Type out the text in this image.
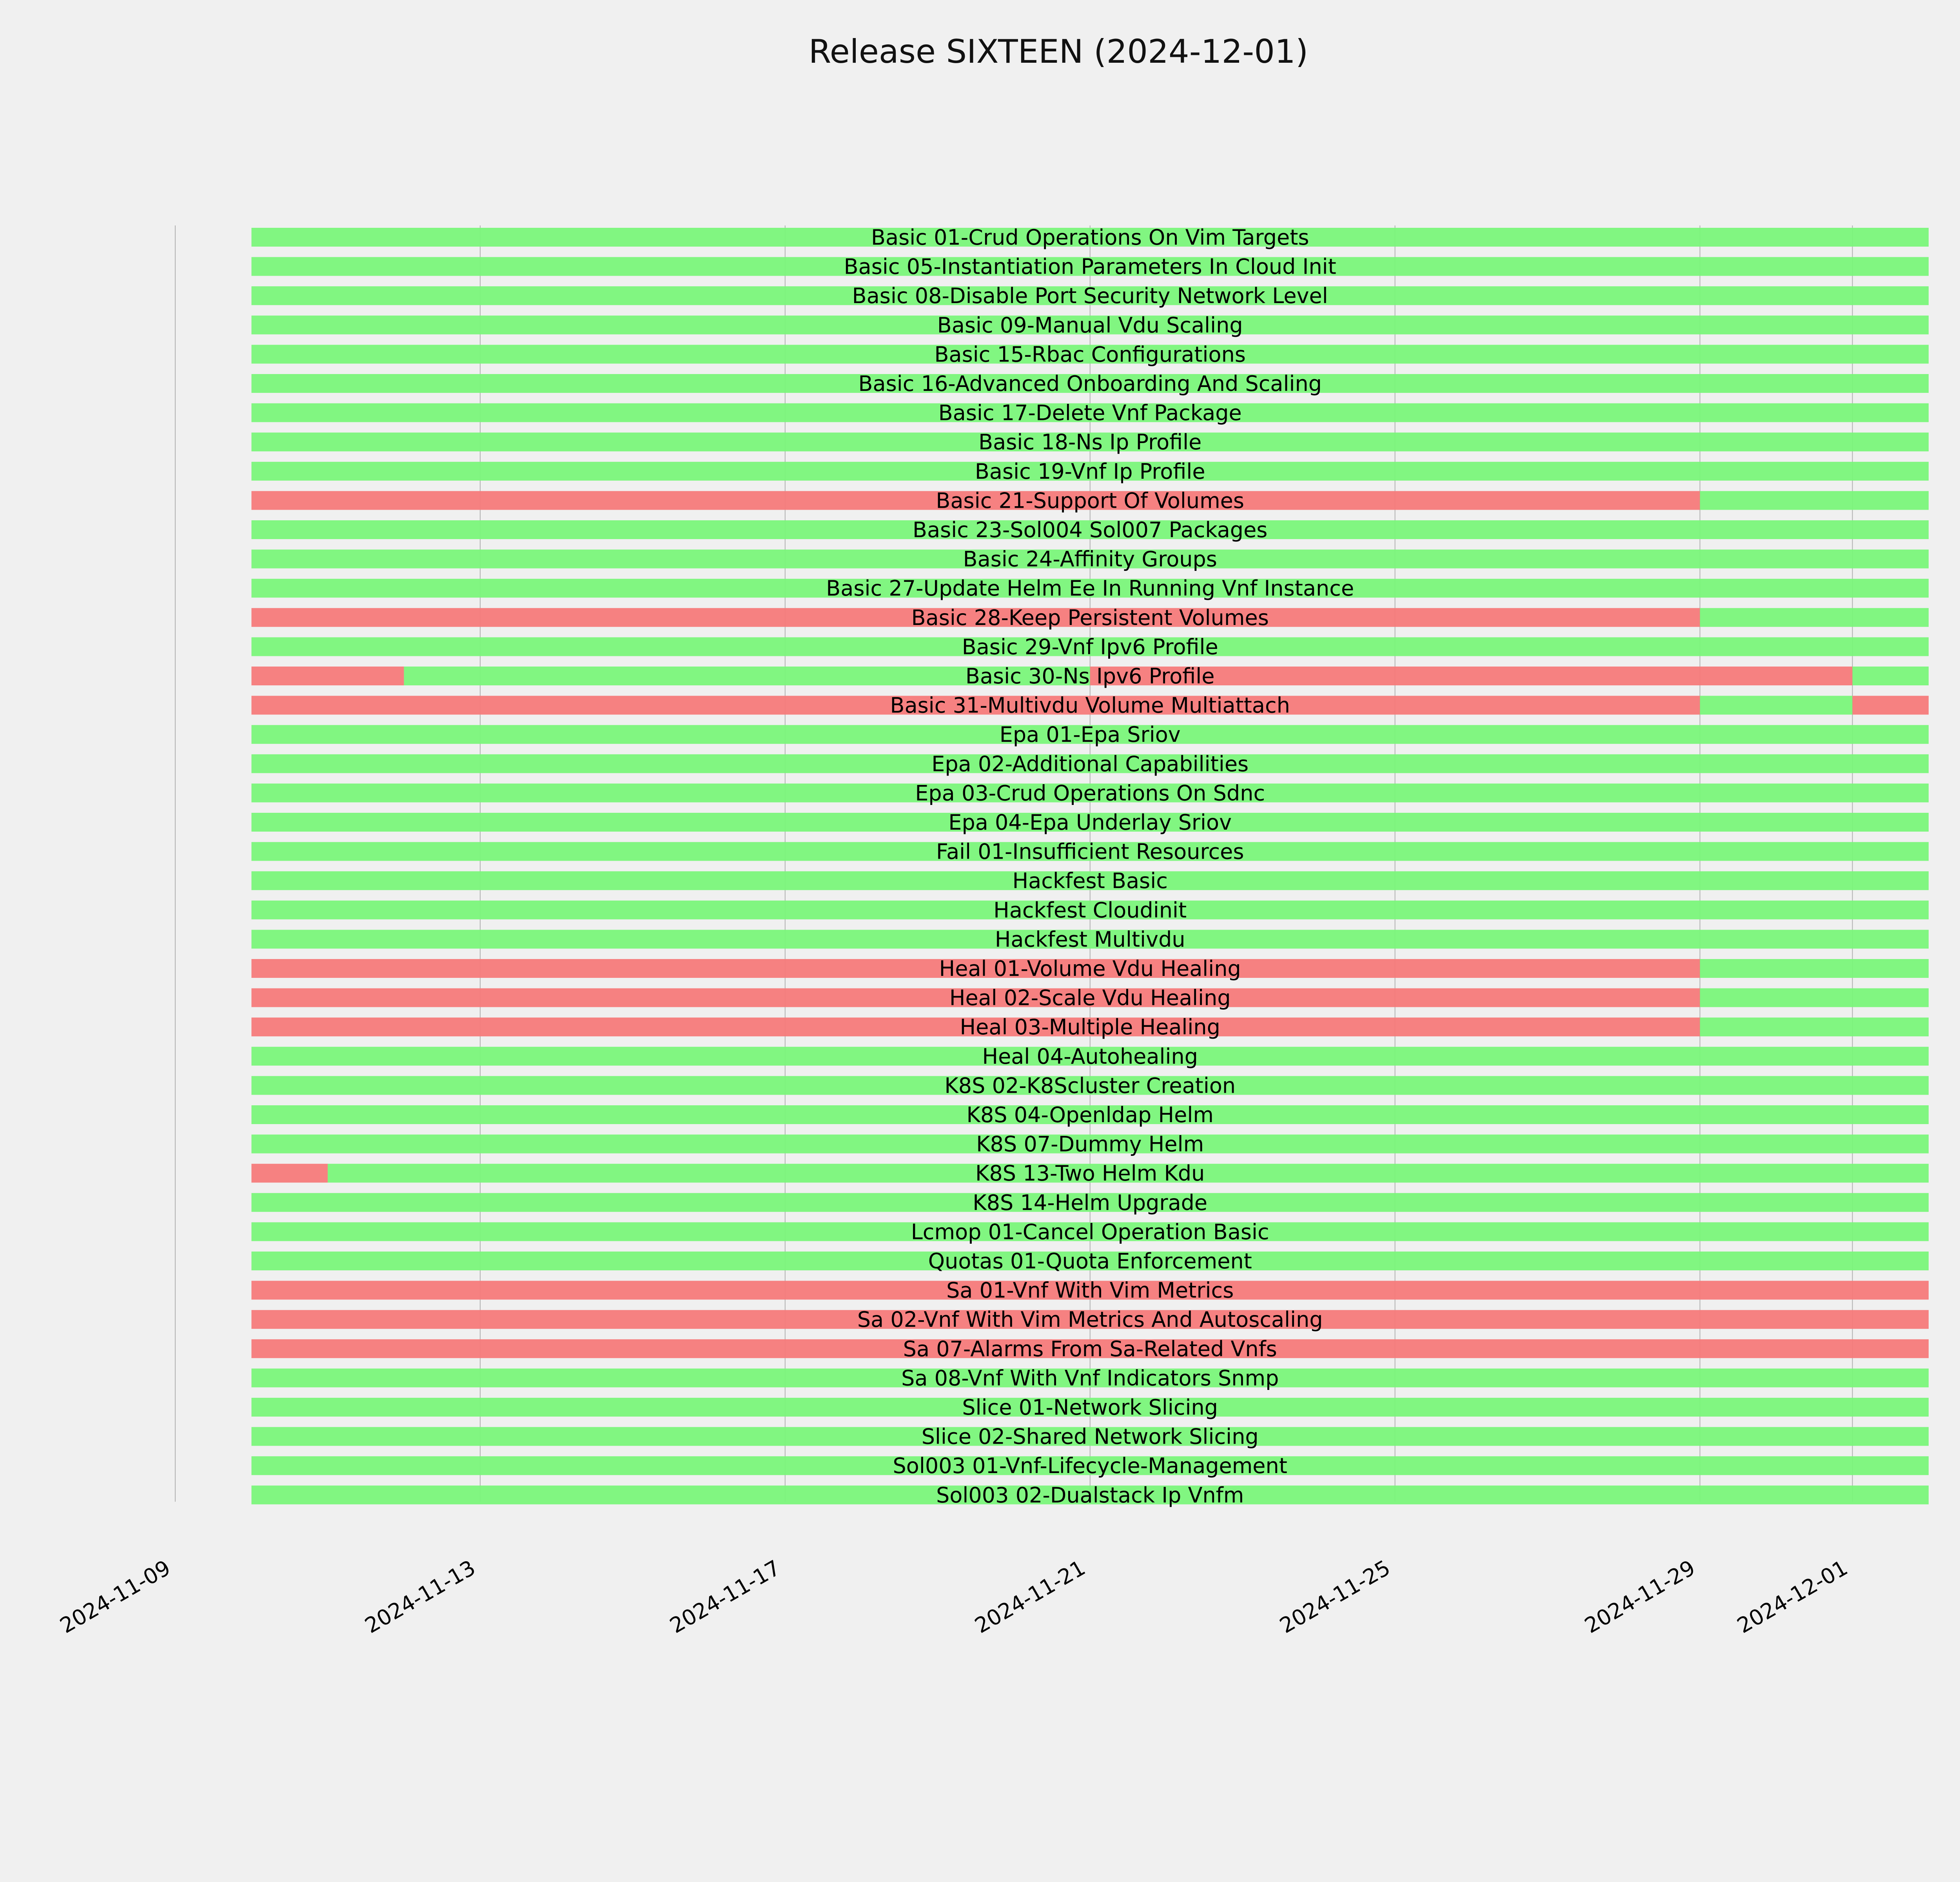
Release SIXTEEN (2024-12-01)
Basic 01-Crud Operations On Vim Targets
Basic 05-Instantiation Parameters In Cloud Init
Basic 08-Disable Port Security Network Level
Basic 09-Manual Vdu Scaling
Basic 15-Rbac Configurations
Basic 16-Advanced Onboarding And Scaling
Basic 17-Delete Vnf Package
Basic 18-Ns Ip Profile
Basic 19-Vnf Ip Profile
Basic 21-Support Of Volumes
Basic 23-Sol004 Sol007 Packages
Basic 24-Affinity Groups
Basic 27-Update Helm Ee In Running Vnf Instance
Basic 28-Keep Persistent Volumes
Basic 29-Vnf Ipv6 Profile
Basic 30-Ns Ipv6 Profile
Basic 31-Multivdu Volume Multiattach
Epa 01-Epa Sriov
Epa 02-Additional Capabilities
Epa 03-Crud Operations On Sdnc
Epa 04-Epa Underlay Sriov
Fail 01-Insufficient Resources
Hackfest Basic
Hackfest Cloudinit
Hackfest Multivdu
Heal 01-Volume Vdu Healing
Heal 02-Scale Vdu Healing
Heal 03-Multiple Healing
Heal 04-Autohealing
K8S 02-K8Scluster Creation
K8S 04-Openldap Helm
K8S 07-Dummy Helm
K8S 13-Two Helm Kdu
K8S 14-Helm Upgrade
Lcmop 01-Cancel Operation Basic
Quotas 01-Quota Enforcement
Sa 01-Vnf With Vim Metrics
Sa 02-Vnf With Vim Metrics And Autoscaling
Sa 07-Alarms From Sa-Related Vnfs
Sa 08-Vnf With Vnf Indicators Snmp
Slice 01-Network Slicing
Slice 02-Shared Network Slicing
Sol003 01-Vnf-Lifecycle-Management
Sol003 02-Dualstack Ip Vnfm
2024-11-09	2024-11-13	2024-11-17	2024-11-21	2024-11-25	2024-11-29 2024-12-01
